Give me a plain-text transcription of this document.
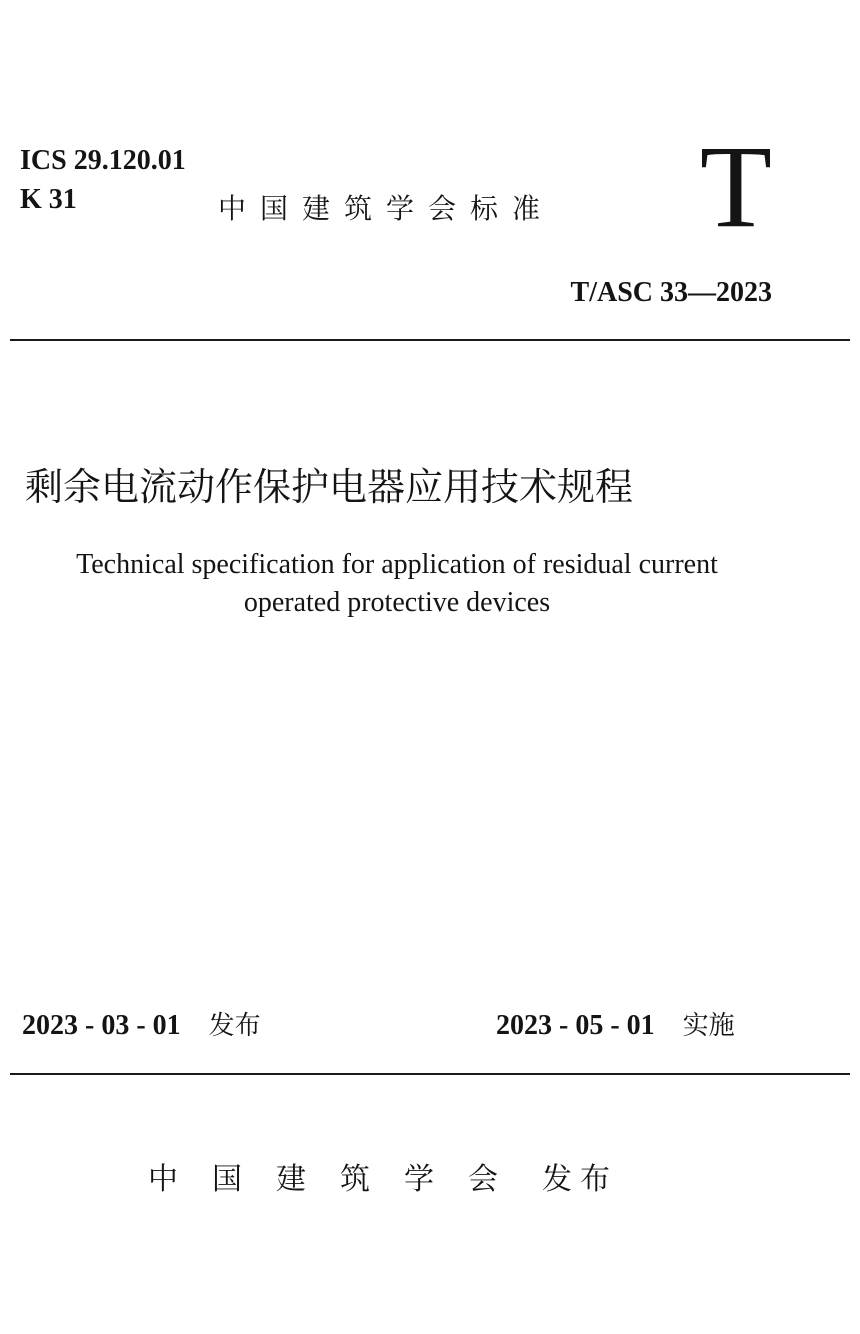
ICS 29.120.01
K 31	中国建筑学会标准 T
T/ASC 33—2023
剩余电流动作保护电器应用技术规程
Technical specification for application of residual current
operated protective devices
2023 - 03 - 01 发布	2023 - 05 - 01 实施
中国建筑学会 发布
